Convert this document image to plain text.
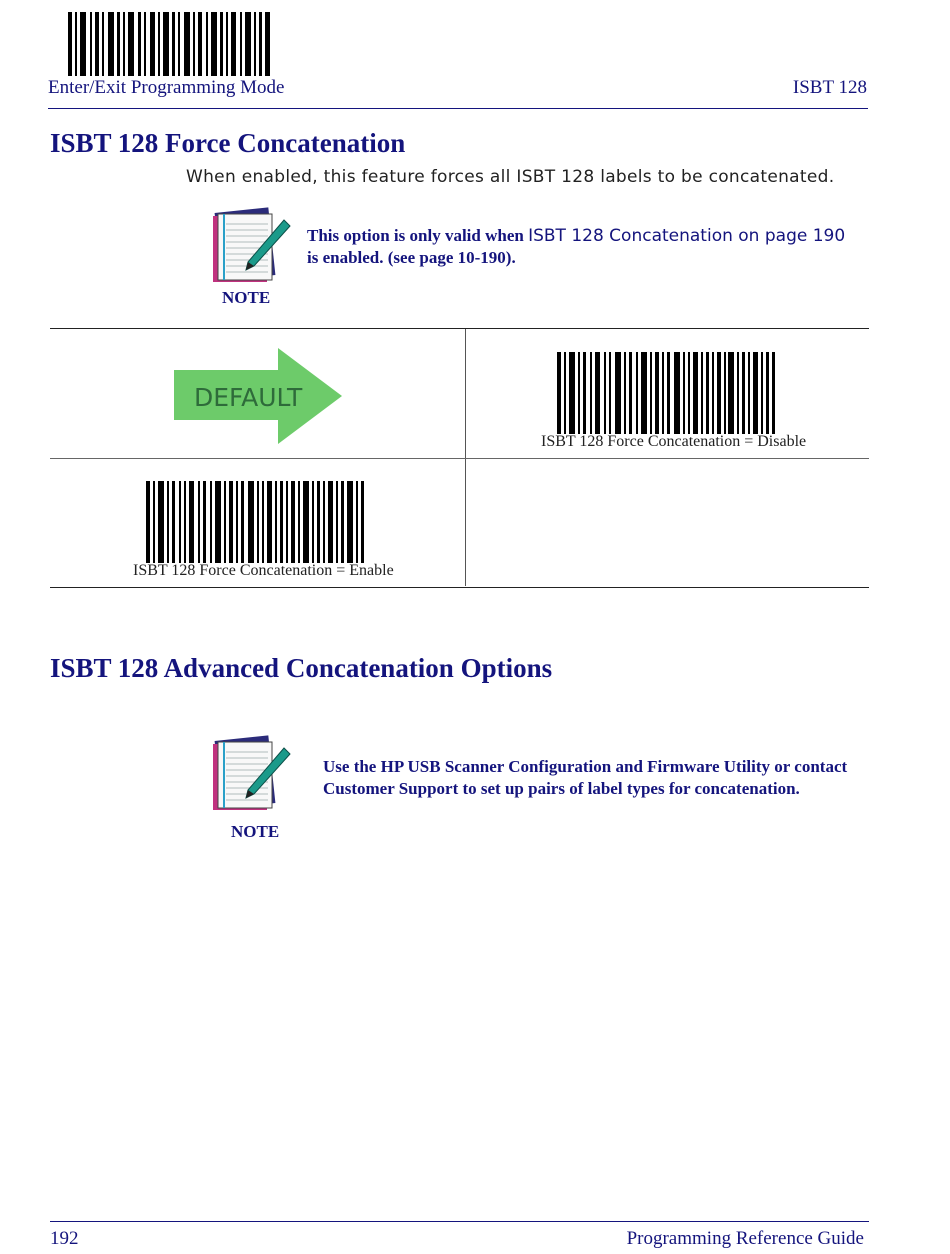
Enter/Exit Programming Mode	ISBT 128
ISBT 128 Force Concatenation
When enabled, this feature forces all ISBT 128 labels to be concatenated.
NOTE
This option is only valid when ISBT 128 Concatenation on page 190
is enabled. (see page 10-190).
DEFAULT
ISBT 128 Force Concatenation = Disable
ISBT 128 Force Concatenation = Enable
ISBT 128 Advanced Concatenation Options
NOTE
Use the HP USB Scanner Configuration and Firmware Utility or contact Customer Support to set up pairs of label types for concatenation.
192	Programming Reference Guide
